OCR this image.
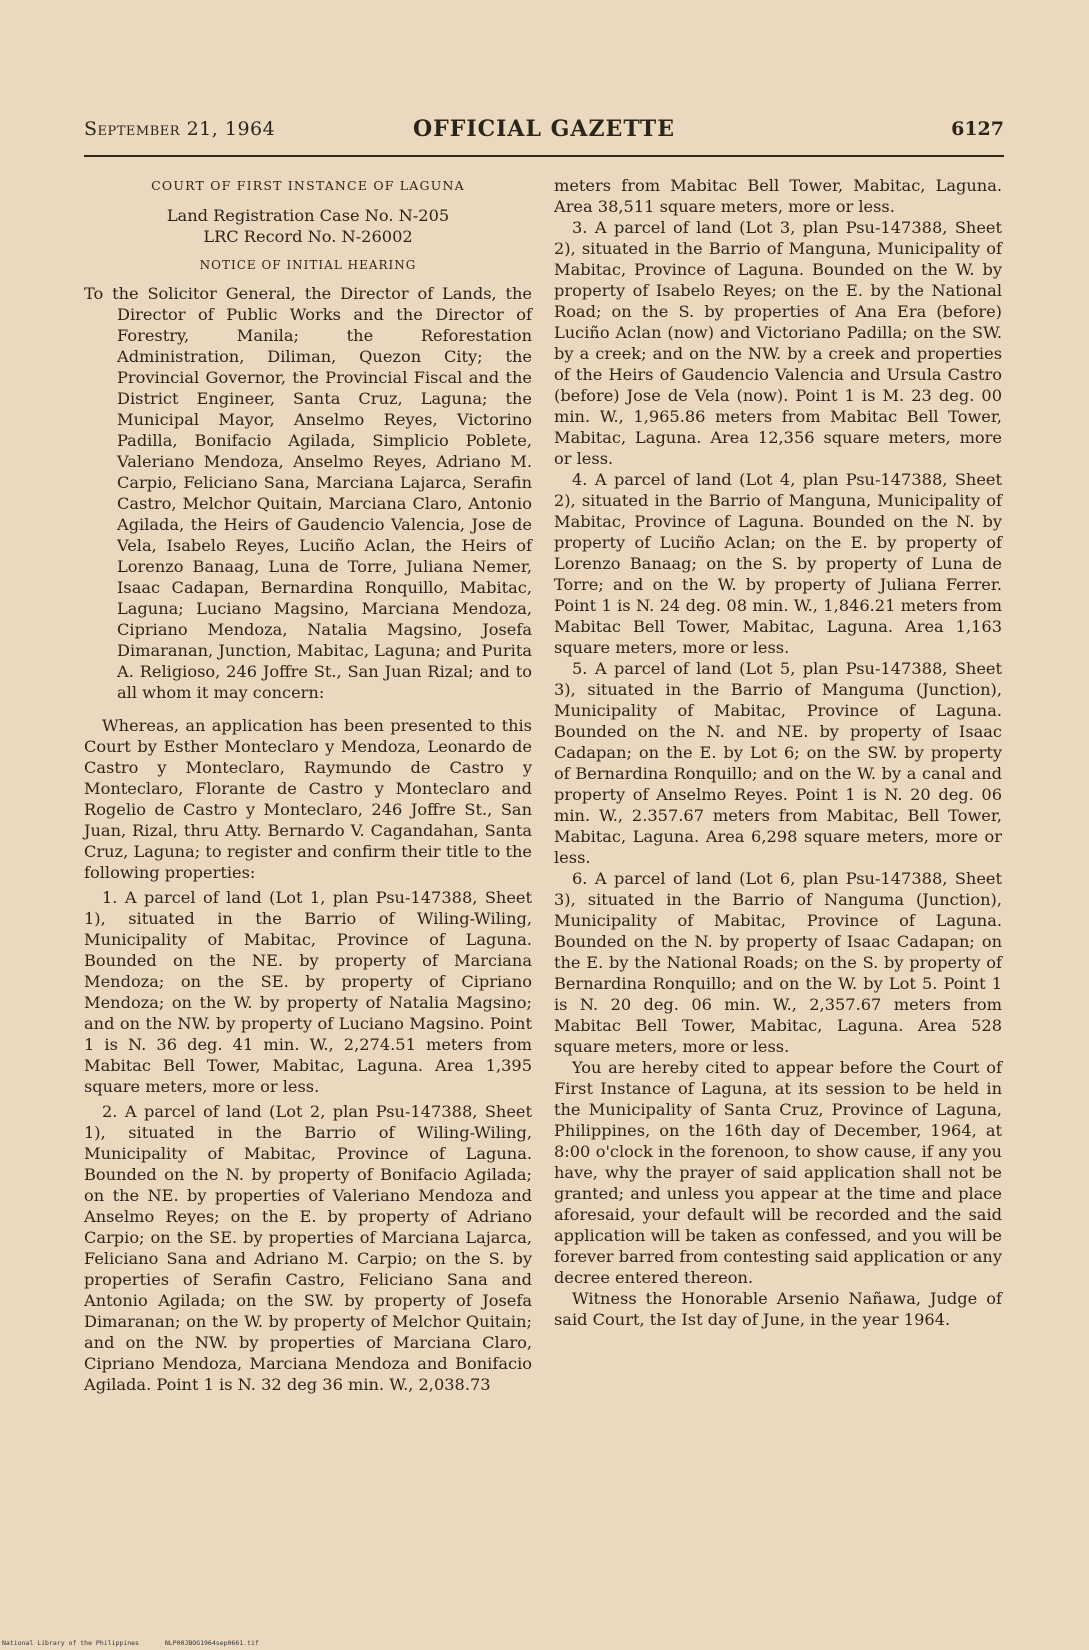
September 21, 1964	OFFICIAL GAZETTE	6127
COURT OF FIRST INSTANCE OF LAGUNA
Land Registration Case No. N-205
LRC Record No. N-26002
NOTICE OF INITIAL HEARING

To the Solicitor General, the Director of Lands, the Director of Public Works and the Director of Forestry, Manila; the Reforestation Administration, Diliman, Quezon City; the Provincial Governor, the Provincial Fiscal and the District Engineer, Santa Cruz, Laguna; the Municipal Mayor, Anselmo Reyes, Victorino Padilla, Bonifacio Agilada, Simplicio Poblete, Valeriano Mendoza, Anselmo Reyes, Adriano M. Carpio, Feliciano Sana, Marciana Lajarca, Serafin Castro, Melchor Quitain, Marciana Claro, Antonio Agilada, the Heirs of Gaudencio Valencia, Jose de Vela, Isabelo Reyes, Luciño Aclan, the Heirs of Lorenzo Banaag, Luna de Torre, Juliana Nemer, Isaac Cadapan, Bernardina Ronquillo, Mabitac, Laguna; Luciano Magsino, Marciana Mendoza, Cipriano Mendoza, Natalia Magsino, Josefa Dimaranan, Junction, Mabitac, Laguna; and Purita A. Religioso, 246 Joffre St., San Juan Rizal; and to all whom it may concern:

Whereas, an application has been presented to this Court by Esther Monteclaro y Mendoza, Leonardo de Castro y Monteclaro, Raymundo de Castro y Monteclaro, Florante de Castro y Monteclaro and Rogelio de Castro y Monteclaro, 246 Joffre St., San Juan, Rizal, thru Atty. Bernardo V. Cagandahan, Santa Cruz, Laguna; to register and confirm their title to the following properties:

1. A parcel of land (Lot 1, plan Psu-147388, Sheet 1), situated in the Barrio of Wiling-Wiling, Municipality of Mabitac, Province of Laguna. Bounded on the NE. by property of Marciana Mendoza; on the SE. by property of Cipriano Mendoza; on the W. by property of Natalia Magsino; and on the NW. by property of Luciano Magsino. Point 1 is N. 36 deg. 41 min. W., 2,274.51 meters from Mabitac Bell Tower, Mabitac, Laguna. Area 1,395 square meters, more or less.

2. A parcel of land (Lot 2, plan Psu-147388, Sheet 1), situated in the Barrio of Wiling-Wiling, Municipality of Mabitac, Province of Laguna. Bounded on the N. by property of Bonifacio Agilada; on the NE. by properties of Valeriano Mendoza and Anselmo Reyes; on the E. by property of Adriano Carpio; on the SE. by properties of Marciana Lajarca, Feliciano Sana and Adriano M. Carpio; on the S. by properties of Serafin Castro, Feliciano Sana and Antonio Agilada; on the SW. by property of Josefa Dimaranan; on the W. by property of Melchor Quitain; and on the NW. by properties of Marciana Claro, Cipriano Mendoza, Marciana Mendoza and Bonifacio Agilada. Point 1 is N. 32 deg 36 min. W., 2,038.73

meters from Mabitac Bell Tower, Mabitac, Laguna. Area 38,511 square meters, more or less.

3. A parcel of land (Lot 3, plan Psu-147388, Sheet 2), situated in the Barrio of Manguna, Municipality of Mabitac, Province of Laguna. Bounded on the W. by property of Isabelo Reyes; on the E. by the National Road; on the S. by properties of Ana Era (before) Luciño Aclan (now) and Victoriano Padilla; on the SW. by a creek; and on the NW. by a creek and properties of the Heirs of Gaudencio Valencia and Ursula Castro (before) Jose de Vela (now). Point 1 is M. 23 deg. 00 min. W., 1,965.86 meters from Mabitac Bell Tower, Mabitac, Laguna. Area 12,356 square meters, more or less.

4. A parcel of land (Lot 4, plan Psu-147388, Sheet 2), situated in the Barrio of Manguna, Municipality of Mabitac, Province of Laguna. Bounded on the N. by property of Luciño Aclan; on the E. by property of Lorenzo Banaag; on the S. by property of Luna de Torre; and on the W. by property of Juliana Ferrer. Point 1 is N. 24 deg. 08 min. W., 1,846.21 meters from Mabitac Bell Tower, Mabitac, Laguna. Area 1,163 square meters, more or less.

5. A parcel of land (Lot 5, plan Psu-147388, Sheet 3), situated in the Barrio of Manguma (Junction), Municipality of Mabitac, Province of Laguna. Bounded on the N. and NE. by property of Isaac Cadapan; on the E. by Lot 6; on the SW. by property of Bernardina Ronquillo; and on the W. by a canal and property of Anselmo Reyes. Point 1 is N. 20 deg. 06 min. W., 2.357.67 meters from Mabitac, Bell Tower, Mabitac, Laguna. Area 6,298 square meters, more or less.

6. A parcel of land (Lot 6, plan Psu-147388, Sheet 3), situated in the Barrio of Nanguma (Junction), Municipality of Mabitac, Province of Laguna. Bounded on the N. by property of Isaac Cadapan; on the E. by the National Roads; on the S. by property of Bernardina Ronquillo; and on the W. by Lot 5. Point 1 is N. 20 deg. 06 min. W., 2,357.67 meters from Mabitac Bell Tower, Mabitac, Laguna. Area 528 square meters, more or less.

You are hereby cited to appear before the Court of First Instance of Laguna, at its session to be held in the Municipality of Santa Cruz, Province of Laguna, Philippines, on the 16th day of December, 1964, at 8:00 o'clock in the forenoon, to show cause, if any you have, why the prayer of said application shall not be granted; and unless you appear at the time and place aforesaid, your default will be recorded and the said application will be taken as confessed, and you will be forever barred from contesting said application or any decree entered thereon.

Witness the Honorable Arsenio Nañawa, Judge of said Court, the Ist day of June, in the year 1964.

National Library of the Philippines	NLP00JBOG1964sep0661.tif
